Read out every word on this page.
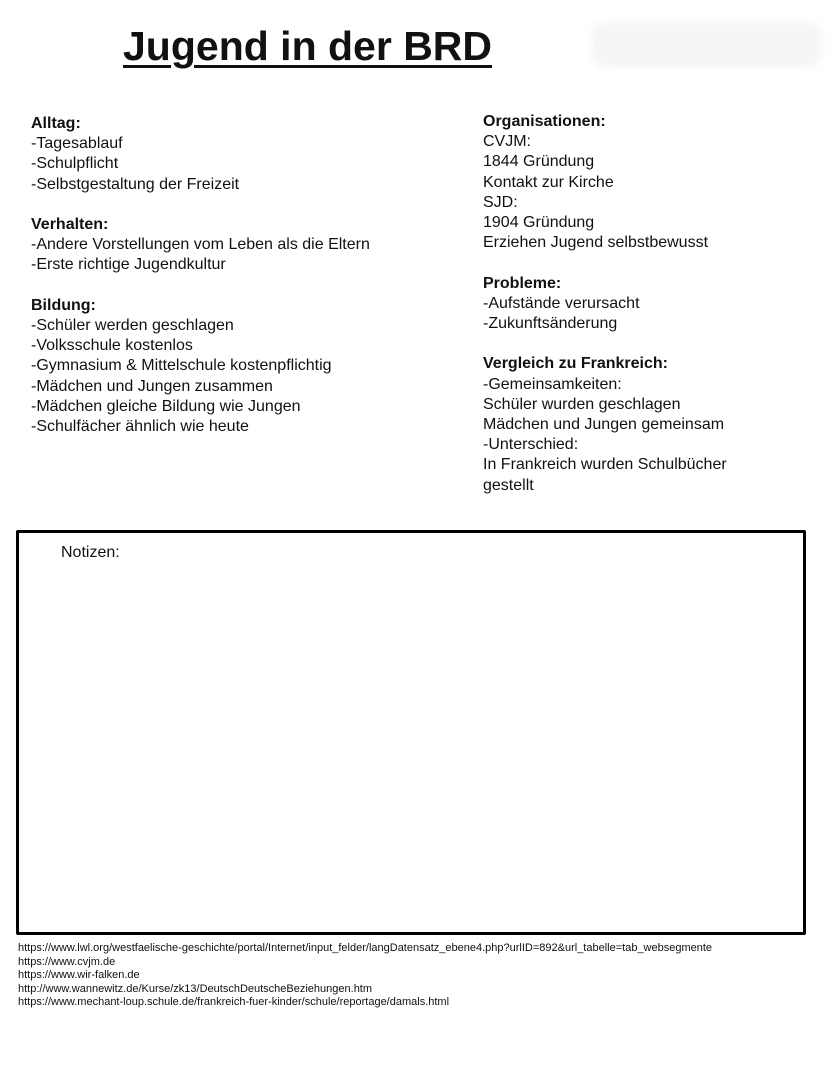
Jugend in der BRD

Alltag:

-Tagesablauf

-Schulpflicht

-Selbstgestaltung der Freizeit

Verhalten:

-Andere Vorstellungen vom Leben als die Eltern

-Erste richtige Jugendkultur

Bildung:

-Schüler werden geschlagen

-Volksschule kostenlos

-Gymnasium & Mittelschule kostenpflichtig

-Mädchen und Jungen zusammen

-Mädchen gleiche Bildung wie Jungen

-Schulfächer ähnlich wie heute

Organisationen:

CVJM:

1844 Gründung

Kontakt zur Kirche

SJD:

1904 Gründung

Erziehen Jugend selbstbewusst

Probleme:

-Aufstände verursacht

-Zukunftsänderung

Vergleich zu Frankreich:

-Gemeinsamkeiten:

Schüler wurden geschlagen

Mädchen und Jungen gemeinsam

-Unterschied:

In Frankreich wurden Schulbücher

gestellt

Notizen:

https://www.lwl.org/westfaelische-geschichte/portal/Internet/input_felder/langDatensatz_ebene4.php?urlID=892&url_tabelle=tab_websegmente

https://www.cvjm.de

https://www.wir-falken.de

http://www.wannewitz.de/Kurse/zk13/DeutschDeutscheBeziehungen.htm

https://www.mechant-loup.schule.de/frankreich-fuer-kinder/schule/reportage/damals.html
